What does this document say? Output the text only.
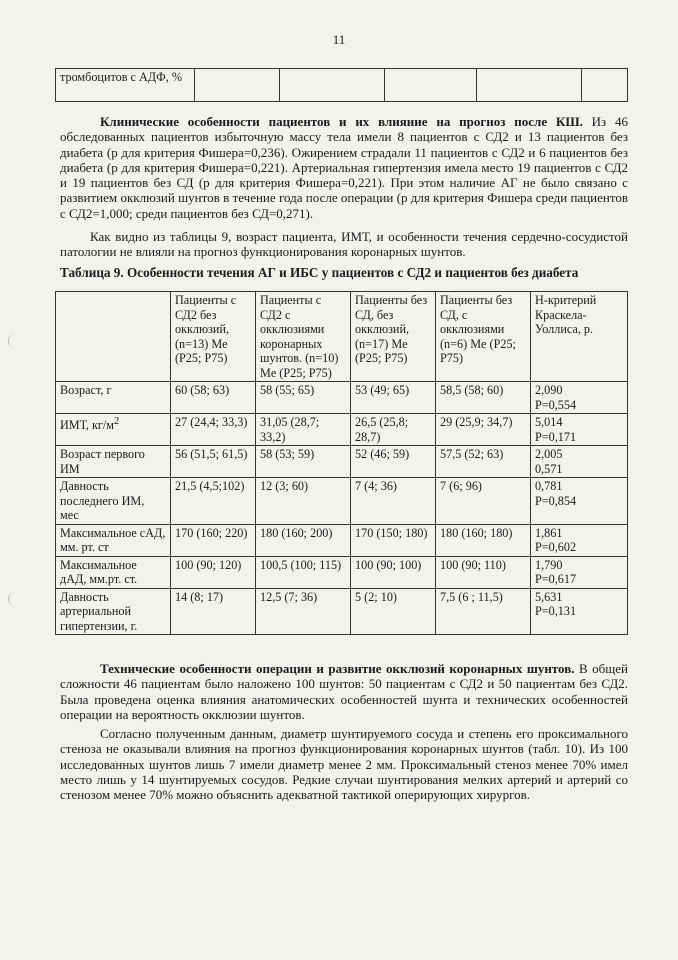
11
тромбоцитов с АДФ, %					
Клинические особенности пациентов и их влияние на прогноз после КШ. Из 46 обследованных пациентов избыточную массу тела имели 8 пациентов с СД2 и 13 пациентов без диабета (р для критерия Фишера=0,236). Ожирением страдали 11 пациентов с СД2 и 6 пациентов без диабета (р для критерия Фишера=0,221). Артериальная гипертензия имела место 19 пациентов с СД2 и 19 пациентов без СД (р для критерия Фишера=0,221). При этом наличие АГ не было связано с развитием окклюзий шунтов в течение года после операции (р для критерия Фишера среди пациентов с СД2=1,000; среди пациентов без СД=0,271).
Как видно из таблицы 9, возраст пациента, ИМТ, и особенности течения сердечно-сосудистой патологии не влияли на прогноз функционирования коронарных шунтов.
Таблица 9. Особенности течения АГ и ИБС у пациентов с СД2 и пациентов без диабета
	Пациенты с СД2 без окклюзий, (n=13) Me (P25; P75)	Пациенты с СД2 с окклюзиями коронарных шунтов. (n=10) Me (P25; P75)	Пациенты без СД, без окклюзий, (n=17) Me (P25; P75)	Пациенты без СД, с окклюзиями (n=6) Me (P25; P75)	Н-критерий Краскела-Уоллиса, р.
Возраст, г	60 (58; 63)	58 (55; 65)	53 (49; 65)	58,5 (58; 60)	2,090
P=0,554
ИМТ, $кг/м^2$	27 (24,4; 33,3)	31,05 (28,7; 33,2)	26,5 (25,8; 28,7)	29 (25,9; 34,7)	5,014
P=0,171
Возраст первого ИМ	56 (51,5; 61,5)	58 (53; 59)	52 (46; 59)	57,5 (52; 63)	2,005
0,571
Давность последнего ИМ, мес	21,5 (4,5;102)	12 (3; 60)	7 (4; 36)	7 (6; 96)	0,781
P=0,854
Максимальное сАД, мм. рт. ст	170 (160; 220)	180 (160; 200)	170 (150; 180)	180 (160; 180)	1,861
P=0,602
Максимальное дАД, мм.рт. ст.	100 (90; 120)	100,5 (100; 115)	100 (90; 100)	100 (90; 110)	1,790
P=0,617
Давность артериальной гипертензии, г.	14 (8; 17)	12,5 (7; 36)	5 (2; 10)	7,5 (6 ; 11,5)	5,631
P=0,131
Технические особенности операции и развитие окклюзий коронарных шунтов. В общей сложности 46 пациентам было наложено 100 шунтов: 50 пациентам с СД2 и 50 пациентам без СД2. Была проведена оценка влияния анатомических особенностей шунта и технических особенностей операции на вероятность окклюзии шунтов.
Согласно полученным данным, диаметр шунтируемого сосуда и степень его проксимального стеноза не оказывали влияния на прогноз функционирования коронарных шунтов (табл. 10). Из 100 исследованных шунтов лишь 7 имели диаметр менее 2 мм. Проксимальный стеноз менее 70% имел место лишь у 14 шунтируемых сосудов. Редкие случаи шунтирования мелких артерий и артерий со стенозом менее 70% можно объяснить адекватной тактикой оперирующих хирургов.
